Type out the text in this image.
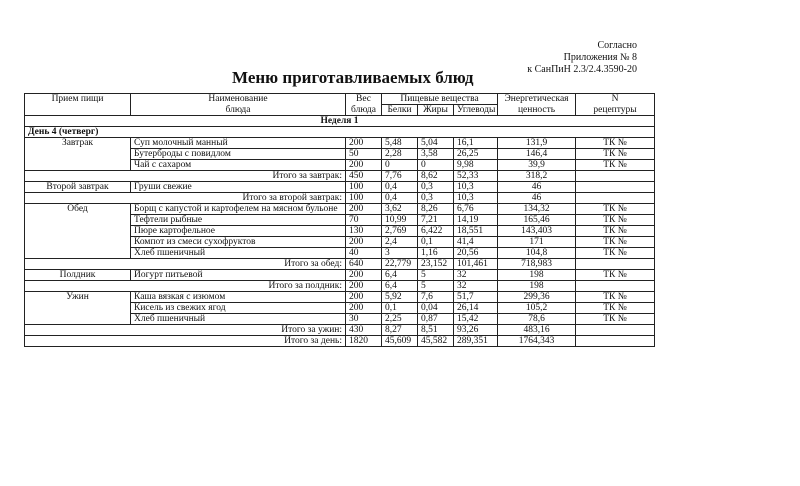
Согласно
Приложения № 8
к СанПиН 2.3/2.4.3590-20
Меню приготавливаемых блюд
Прием пищи	Наименование	Вес	Пищевые вещества			Энергетическая	N
	блюда	блюда	Белки	Жиры	Углеводы	ценность	рецептуры
Неделя 1							
День 4 (четверг)							
Завтрак	Суп молочный манный	200	5,48	5,04	16,1	131,9	ТК №
	Бутерброды с повидлом	50	2,28	3,58	26,25	146,4	ТК №
	Чай с сахаром	200	0	0	9,98	39,9	ТК №
Итого за завтрак:		450	7,76	8,62	52,33	318,2	
Второй завтрак	Груши свежие	100	0,4	0,3	10,3	46	
Итого за второй завтрак:		100	0,4	0,3	10,3	46	
Обед	Борщ с капустой и картофелем на мясном бульоне	200	3,62	8,26	6,76	134,32	ТК №
	Тефтели рыбные	70	10,99	7,21	14,19	165,46	ТК №
	Пюре картофельное	130	2,769	6,422	18,551	143,403	ТК №
	Компот из смеси сухофруктов	200	2,4	0,1	41,4	171	ТК №
	Хлеб пшеничный	40	3	1,16	20,56	104,8	ТК №
Итого за обед:		640	22,779	23,152	101,461	718,983	
Полдник	Йогурт питьевой	200	6,4	5	32	198	ТК №
Итого за полдник:		200	6,4	5	32	198	
Ужин	Каша вязкая с изюмом	200	5,92	7,6	51,7	299,36	ТК №
	Кисель из свежих ягод	200	0,1	0,04	26,14	105,2	ТК №
	Хлеб пшеничный	30	2,25	0,87	15,42	78,6	ТК №
Итого за ужин:		430	8,27	8,51	93,26	483,16	
Итого за день:		1820	45,609	45,582	289,351	1764,343	
